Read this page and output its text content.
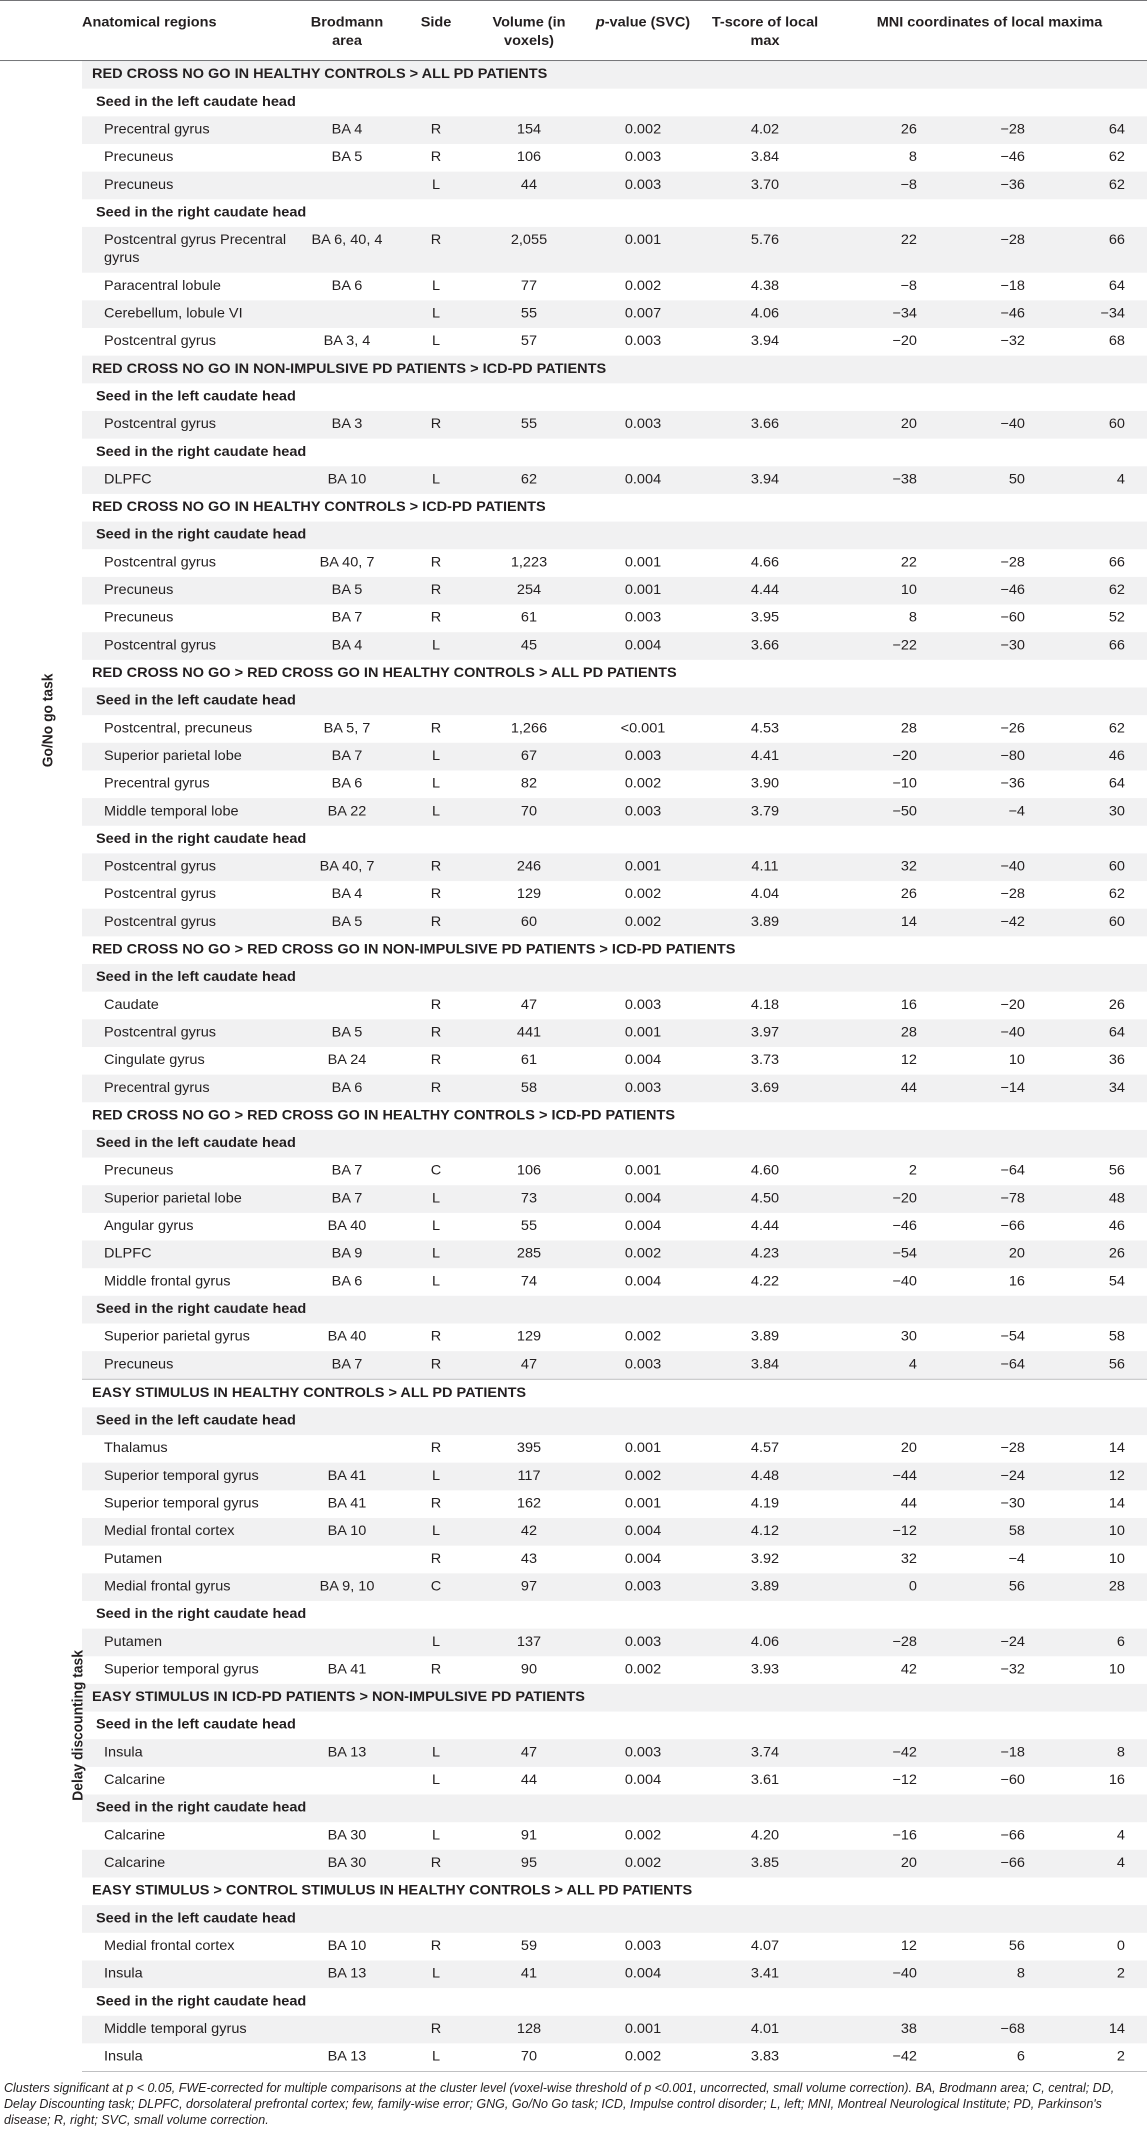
	Anatomical regions	Brodmann area	Side	Volume (in voxels)	p-value (SVC)	T-score of local max	MNI coordinates of local maxima		
Go/No go task	RED CROSS NO GO IN HEALTHY CONTROLS > ALL PD PATIENTS								
	Seed in the left caudate head								
	Precentral gyrus	BA 4	R	154	0.002	4.02	26	−28	64
	Precuneus	BA 5	R	106	0.003	3.84	8	−46	62
	Precuneus		L	44	0.003	3.70	−8	−36	62
	Seed in the right caudate head								
	Postcentral gyrus Precentral gyrus	BA 6, 40, 4	R	2,055	0.001	5.76	22	−28	66
	Paracentral lobule	BA 6	L	77	0.002	4.38	−8	−18	64
	Cerebellum, lobule VI		L	55	0.007	4.06	−34	−46	−34
	Postcentral gyrus	BA 3, 4	L	57	0.003	3.94	−20	−32	68
	RED CROSS NO GO IN NON-IMPULSIVE PD PATIENTS > ICD-PD PATIENTS								
	Seed in the left caudate head								
	Postcentral gyrus	BA 3	R	55	0.003	3.66	20	−40	60
	Seed in the right caudate head								
	DLPFC	BA 10	L	62	0.004	3.94	−38	50	4
	RED CROSS NO GO IN HEALTHY CONTROLS > ICD-PD PATIENTS								
	Seed in the right caudate head								
	Postcentral gyrus	BA 40, 7	R	1,223	0.001	4.66	22	−28	66
	Precuneus	BA 5	R	254	0.001	4.44	10	−46	62
	Precuneus	BA 7	R	61	0.003	3.95	8	−60	52
	Postcentral gyrus	BA 4	L	45	0.004	3.66	−22	−30	66
	RED CROSS NO GO > RED CROSS GO IN HEALTHY CONTROLS > ALL PD PATIENTS								
	Seed in the left caudate head								
	Postcentral, precuneus	BA 5, 7	R	1,266	<0.001	4.53	28	−26	62
	Superior parietal lobe	BA 7	L	67	0.003	4.41	−20	−80	46
	Precentral gyrus	BA 6	L	82	0.002	3.90	−10	−36	64
	Middle temporal lobe	BA 22	L	70	0.003	3.79	−50	−4	30
	Seed in the right caudate head								
	Postcentral gyrus	BA 40, 7	R	246	0.001	4.11	32	−40	60
	Postcentral gyrus	BA 4	R	129	0.002	4.04	26	−28	62
	Postcentral gyrus	BA 5	R	60	0.002	3.89	14	−42	60
	RED CROSS NO GO > RED CROSS GO IN NON-IMPULSIVE PD PATIENTS > ICD-PD PATIENTS								
	Seed in the left caudate head								
	Caudate		R	47	0.003	4.18	16	−20	26
	Postcentral gyrus	BA 5	R	441	0.001	3.97	28	−40	64
	Cingulate gyrus	BA 24	R	61	0.004	3.73	12	10	36
	Precentral gyrus	BA 6	R	58	0.003	3.69	44	−14	34
	RED CROSS NO GO > RED CROSS GO IN HEALTHY CONTROLS > ICD-PD PATIENTS								
	Seed in the left caudate head								
	Precuneus	BA 7	C	106	0.001	4.60	2	−64	56
	Superior parietal lobe	BA 7	L	73	0.004	4.50	−20	−78	48
	Angular gyrus	BA 40	L	55	0.004	4.44	−46	−66	46
	DLPFC	BA 9	L	285	0.002	4.23	−54	20	26
	Middle frontal gyrus	BA 6	L	74	0.004	4.22	−40	16	54
	Seed in the right caudate head								
	Superior parietal gyrus	BA 40	R	129	0.002	3.89	30	−54	58
	Precuneus	BA 7	R	47	0.003	3.84	4	−64	56
Delay discounting task	EASY STIMULUS IN HEALTHY CONTROLS > ALL PD PATIENTS								
	Seed in the left caudate head								
	Thalamus		R	395	0.001	4.57	20	−28	14
	Superior temporal gyrus	BA 41	L	117	0.002	4.48	−44	−24	12
	Superior temporal gyrus	BA 41	R	162	0.001	4.19	44	−30	14
	Medial frontal cortex	BA 10	L	42	0.004	4.12	−12	58	10
	Putamen		R	43	0.004	3.92	32	−4	10
	Medial frontal gyrus	BA 9, 10	C	97	0.003	3.89	0	56	28
	Seed in the right caudate head								
	Putamen		L	137	0.003	4.06	−28	−24	6
	Superior temporal gyrus	BA 41	R	90	0.002	3.93	42	−32	10
	EASY STIMULUS IN ICD-PD PATIENTS > NON-IMPULSIVE PD PATIENTS								
	Seed in the left caudate head								
	Insula	BA 13	L	47	0.003	3.74	−42	−18	8
	Calcarine		L	44	0.004	3.61	−12	−60	16
	Seed in the right caudate head								
	Calcarine	BA 30	L	91	0.002	4.20	−16	−66	4
	Calcarine	BA 30	R	95	0.002	3.85	20	−66	4
	EASY STIMULUS > CONTROL STIMULUS IN HEALTHY CONTROLS > ALL PD PATIENTS								
	Seed in the left caudate head								
	Medial frontal cortex	BA 10	R	59	0.003	4.07	12	56	0
	Insula	BA 13	L	41	0.004	3.41	−40	8	2
	Seed in the right caudate head								
	Middle temporal gyrus		R	128	0.001	4.01	38	−68	14
	Insula	BA 13	L	70	0.002	3.83	−42	6	2
Clusters significant at p < 0.05, FWE-corrected for multiple comparisons at the cluster level (voxel-wise threshold of p <0.001, uncorrected, small volume correction). BA, Brodmann area; C, central; DD, Delay Discounting task; DLPFC, dorsolateral prefrontal cortex; few, family-wise error; GNG, Go/No Go task; ICD, Impulse control disorder; L, left; MNI, Montreal Neurological Institute; PD, Parkinson's disease; R, right; SVC, small volume correction.
